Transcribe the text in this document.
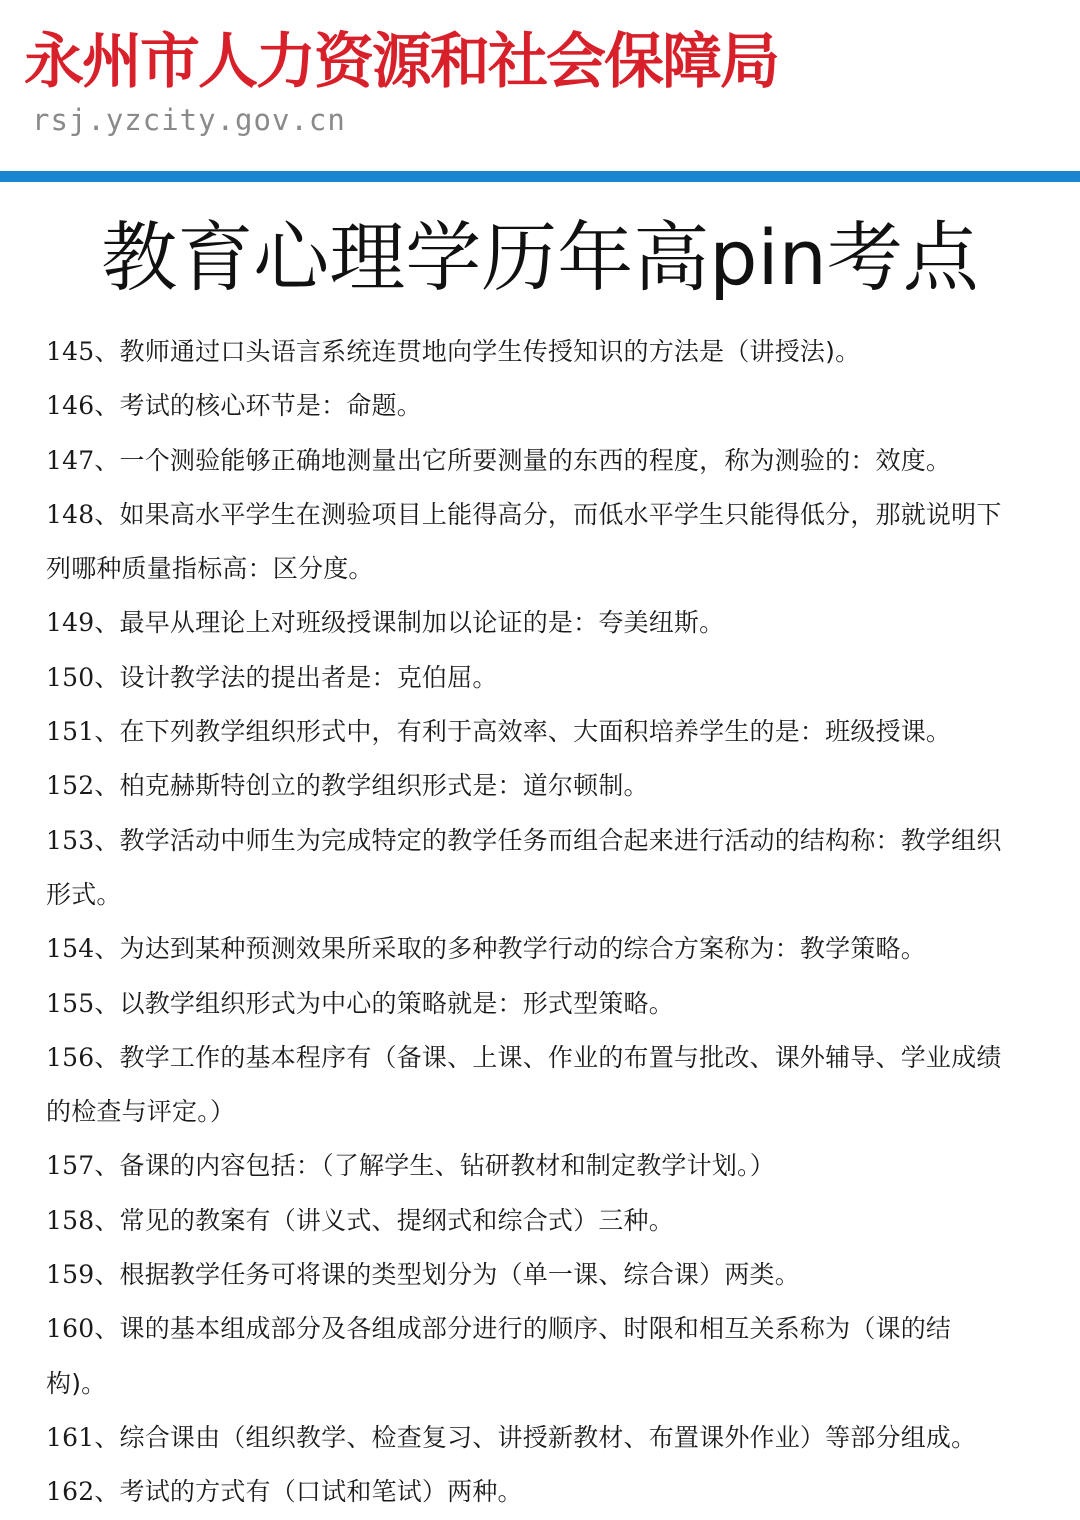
永州市人力资源和社会保障局
rsj.yzcity.gov.cn
教育心理学历年高pin考点
145、教师通过口头语言系统连贯地向学生传授知识的方法是（讲授法)。
146、考试的核心环节是：命题。
147、一个测验能够正确地测量出它所要测量的东西的程度，称为测验的：效度。
148、如果高水平学生在测验项目上能得高分，而低水平学生只能得低分，那就说明下列哪种质量指标高：区分度。
149、最早从理论上对班级授课制加以论证的是：夸美纽斯。
150、设计教学法的提出者是：克伯屈。
151、在下列教学组织形式中，有利于高效率、大面积培养学生的是：班级授课。
152、柏克赫斯特创立的教学组织形式是：道尔顿制。
153、教学活动中师生为完成特定的教学任务而组合起来进行活动的结构称：教学组织形式。
154、为达到某种预测效果所采取的多种教学行动的综合方案称为：教学策略。
155、以教学组织形式为中心的策略就是：形式型策略。
156、教学工作的基本程序有（备课、上课、作业的布置与批改、课外辅导、学业成绩的检查与评定。）
157、备课的内容包括：（了解学生、钻研教材和制定教学计划。）
158、常见的教案有（讲义式、提纲式和综合式）三种。
159、根据教学任务可将课的类型划分为（单一课、综合课）两类。
160、课的基本组成部分及各组成部分进行的顺序、时限和相互关系称为（课的结构)。
161、综合课由（组织教学、检查复习、讲授新教材、布置课外作业）等部分组成。
162、考试的方式有（口试和笔试）两种。
